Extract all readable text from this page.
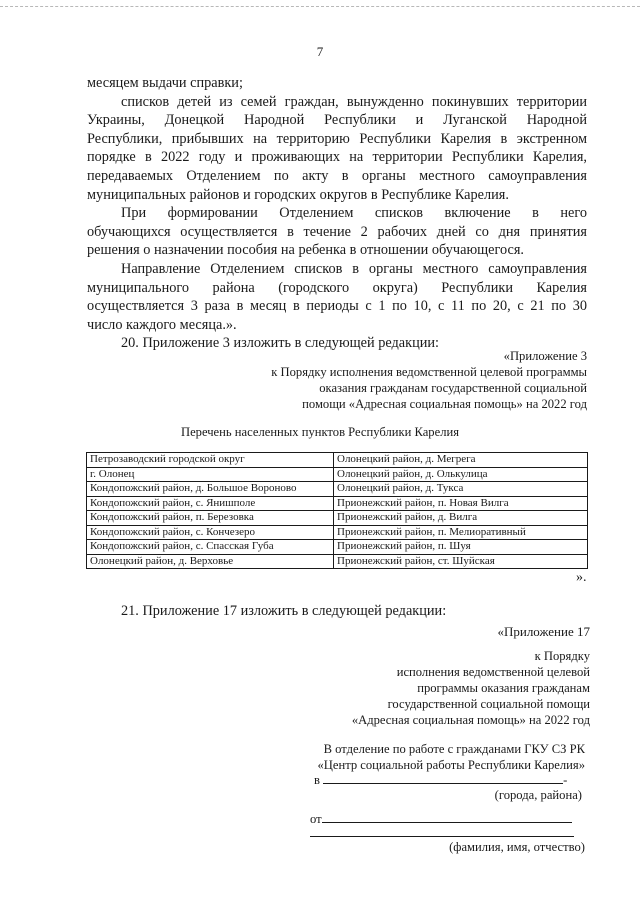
7
месяцем выдачи справки;
списков детей из семей граждан, вынужденно покинувших территории
Украины, Донецкой Народной Республики и Луганской Народной
Республики, прибывших на территорию Республики Карелия в экстренном
порядке в 2022 году и проживающих на территории Республики Карелия,
передаваемых Отделением по акту в органы местного самоуправления
муниципальных районов и городских округов в Республике Карелия.
При формировании Отделением списков включение в него
обучающихся осуществляется в течение 2 рабочих дней со дня принятия
решения о назначении пособия на ребенка в отношении обучающегося.
Направление Отделением списков в органы местного самоуправления
муниципального района (городского округа) Республики Карелия
осуществляется 3 раза в месяц в периоды с 1 по 10, с 11 по 20, с 21 по 30
число каждого месяца.».
20. Приложение 3 изложить в следующей редакции:
«Приложение 3
к Порядку исполнения ведомственной целевой программы
оказания гражданам государственной социальной
помощи «Адресная социальная помощь» на 2022 год
Перечень населенных пунктов Республики Карелия
Петрозаводский городской округ	Олонецкий район, д. Мегрега
г. Олонец	Олонецкий район, д. Олькулица
Кондопожский район, д. Большое Вороново	Олонецкий район, д. Тукса
Кондопожский район, с. Янишполе	Прионежский район, п. Новая Вилга
Кондопожский район, п. Березовка	Прионежский район, д. Вилга
Кондопожский район, с. Кончезеро	Прионежский район, п. Мелиоративный
Кондопожский район, с. Спасская Губа	Прионежский район, п. Шуя
Олонецкий район, д. Верховье	Прионежский район, ст. Шуйская
».
21. Приложение 17 изложить в следующей редакции:
«Приложение 17
к Порядку
исполнения ведомственной целевой
программы оказания гражданам
государственной социальной помощи
«Адресная социальная помощь» на 2022 год
В отделение по работе с гражданами ГКУ СЗ РК
«Центр социальной работы Республики Карелия»
в	-
(города, района)
от
(фамилия, имя, отчество)
